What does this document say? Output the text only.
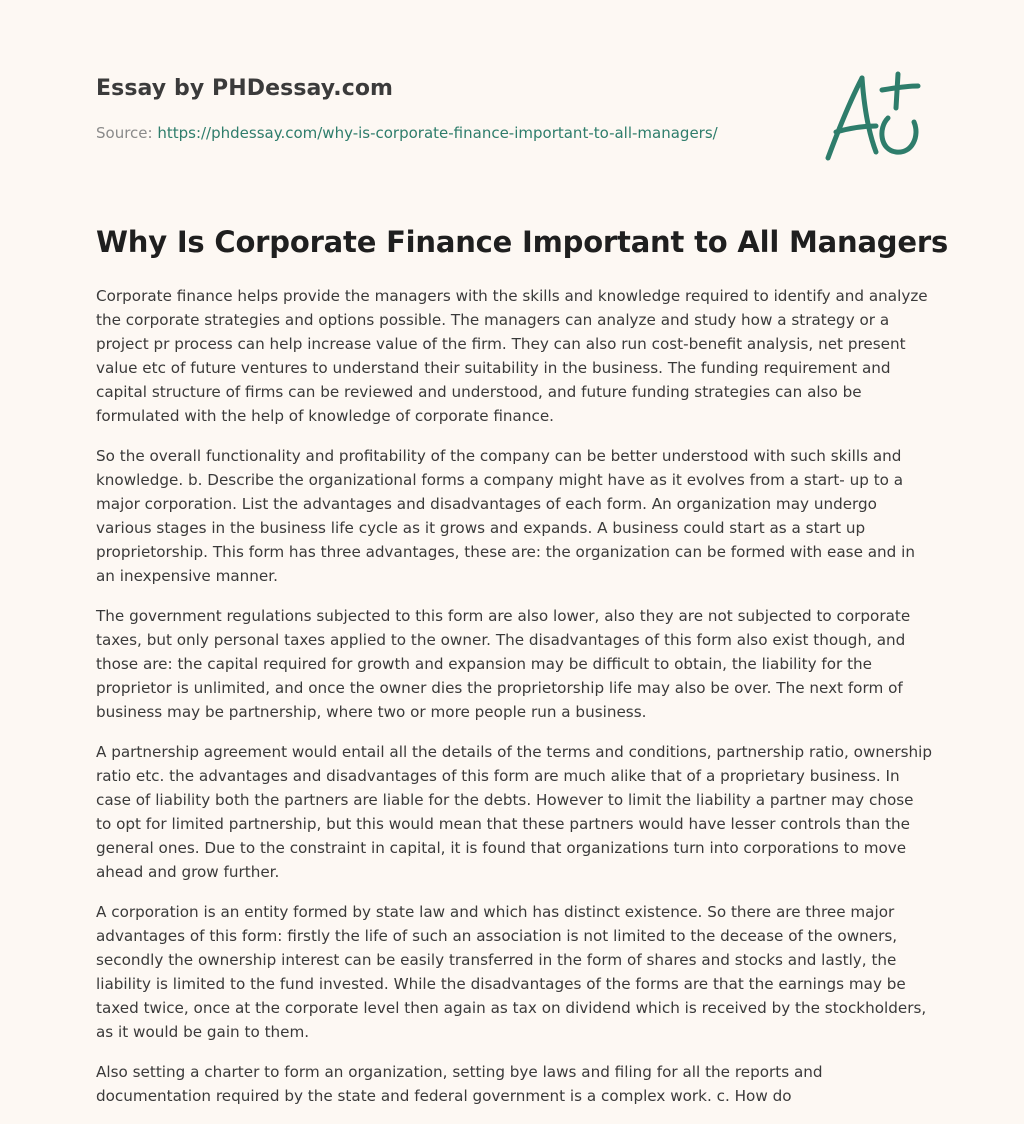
Essay by PHDessay.com
Source: https://phdessay.com/why-is-corporate-finance-important-to-all-managers/
Why Is Corporate Finance Important to All Managers

Corporate finance helps provide the managers with the skills and knowledge required to identify and analyze the corporate strategies and options possible. The managers can analyze and study how a strategy or a project pr process can help increase value of the firm. They can also run cost-benefit analysis, net present value etc of future ventures to understand their suitability in the business. The funding requirement and capital structure of firms can be reviewed and understood, and future funding strategies can also be formulated with the help of knowledge of corporate finance.

So the overall functionality and profitability of the company can be better understood with such skills and knowledge. b. Describe the organizational forms a company might have as it evolves from a start- up to a major corporation. List the advantages and disadvantages of each form. An organization may undergo various stages in the business life cycle as it grows and expands. A business could start as a start up proprietorship. This form has three advantages, these are: the organization can be formed with ease and in an inexpensive manner.

The government regulations subjected to this form are also lower, also they are not subjected to corporate taxes, but only personal taxes applied to the owner. The disadvantages of this form also exist though, and those are: the capital required for growth and expansion may be difficult to obtain, the liability for the proprietor is unlimited, and once the owner dies the proprietorship life may also be over. The next form of business may be partnership, where two or more people run a business.

A partnership agreement would entail all the details of the terms and conditions, partnership ratio, ownership ratio etc. the advantages and disadvantages of this form are much alike that of a proprietary business. In case of liability both the partners are liable for the debts. However to limit the liability a partner may chose to opt for limited partnership, but this would mean that these partners would have lesser controls than the general ones. Due to the constraint in capital, it is found that organizations turn into corporations to move ahead and grow further.

A corporation is an entity formed by state law and which has distinct existence. So there are three major advantages of this form: firstly the life of such an association is not limited to the decease of the owners, secondly the ownership interest can be easily transferred in the form of shares and stocks and lastly, the liability is limited to the fund invested. While the disadvantages of the forms are that the earnings may be taxed twice, once at the corporate level then again as tax on dividend which is received by the stockholders, as it would be gain to them.

Also setting a charter to form an organization, setting bye laws and filing for all the reports and documentation required by the state and federal government is a complex work. c. How do
